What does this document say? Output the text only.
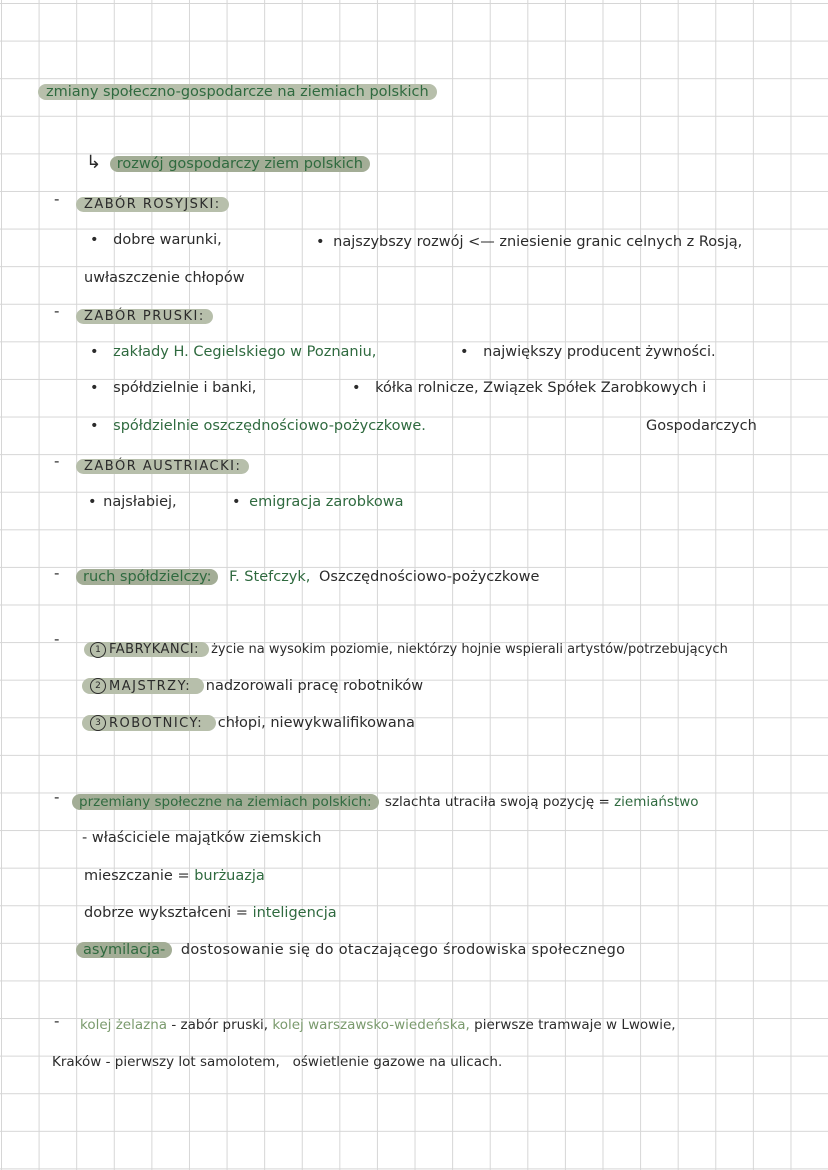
zmiany społeczno-gospodarcze na ziemiach polskich
↳ rozwój gospodarczy ziem polskich
-	ZABÓR ROSYJSKI:
• dobre warunki,	• najszybszy rozwój <— zniesienie granic celnych z Rosją,
uwłaszczenie chłopów
-	ZABÓR PRUSKI:
• zakłady H. Cegielskiego w Poznaniu,	• największy producent żywności.
• spółdzielnie i banki,	• kółka rolnicze, Związek Spółek Zarobkowych i
• spółdzielnie oszczędnościowo-pożyczkowe.	Gospodarczych
-	ZABÓR AUSTRIACKI:
• najsłabiej,	• emigracja zarobkowa
-	ruch spółdzielczy: F. Stefczyk, Oszczędnościowo-pożyczkowe
-
1 FABRYKANCI: życie na wysokim poziomie, niektórzy hojnie wspierali artystów/potrzebujących
2 MAJSTRZY: nadzorowali pracę robotników
3 ROBOTNICY: chłopi, niewykwalifikowana
-	przemiany społeczne na ziemiach polskich: szlachta utraciła swoją pozycję = ziemiaństwo
- właściciele majątków ziemskich
mieszczanie = burżuazja
dobrze wykształceni = inteligencja
asymilacja- dostosowanie się do otaczającego środowiska społecznego
- kolej żelazna - zabór pruski, kolej warszawsko-wiedeńska, pierwsze tramwaje w Lwowie,
Kraków - pierwszy lot samolotem,   oświetlenie gazowe na ulicach.
